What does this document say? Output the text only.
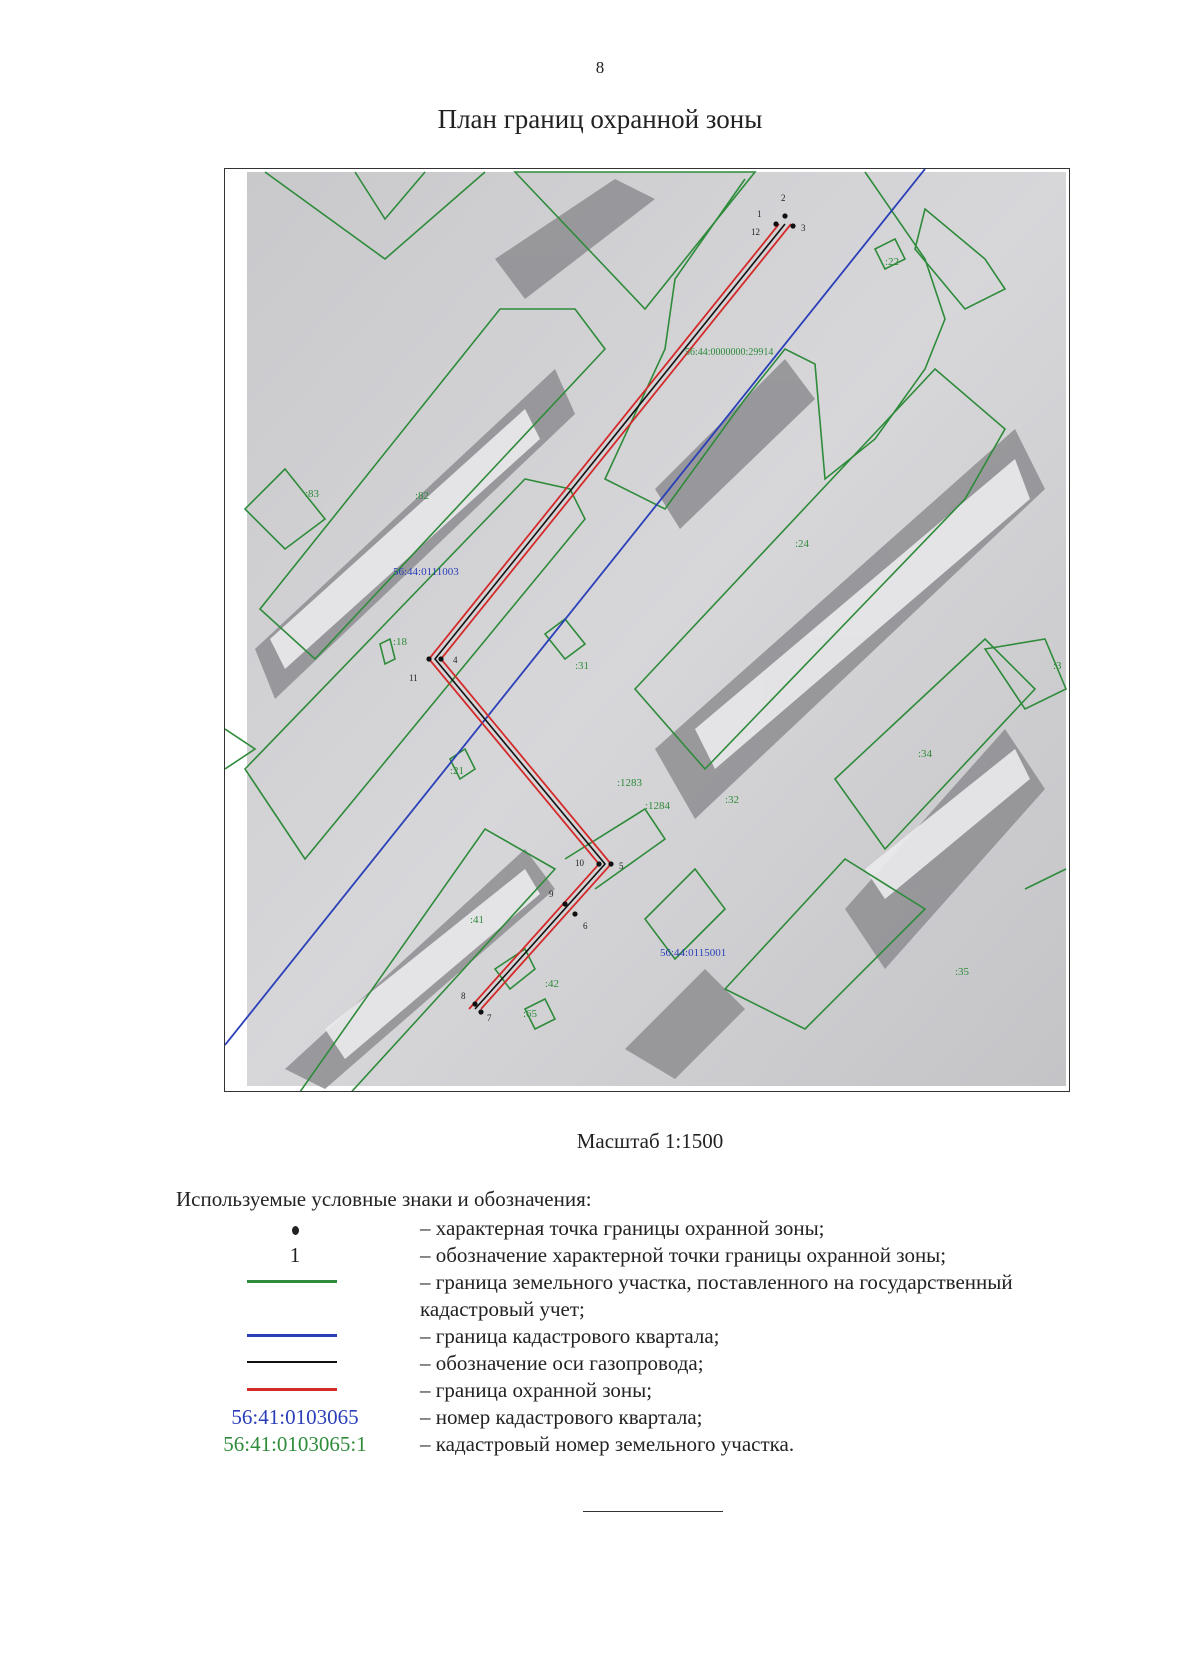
8
План границ охранной зоны
1
2
3
12
4
11
10	5
9
6
8
7
:22
:82
:83
:24
:18
:31
:21
:1283
:1284	:32
:34
:41
:42
:65
:35
:3
56:44:0000000:29914
56:44:0111003
56:44:0115001
Масштаб 1:1500
Используемые условные знаки и обозначения:
– характерная точка границы охранной зоны;
1	– обозначение характерной точки границы охранной зоны;
– граница земельного участка, поставленного на государственный кадастровый учет;
– граница кадастрового квартала;
– обозначение оси газопровода;
– граница охранной зоны;
56:41:0103065	– номер кадастрового квартала;
56:41:0103065:1	– кадастровый номер земельного участка.
